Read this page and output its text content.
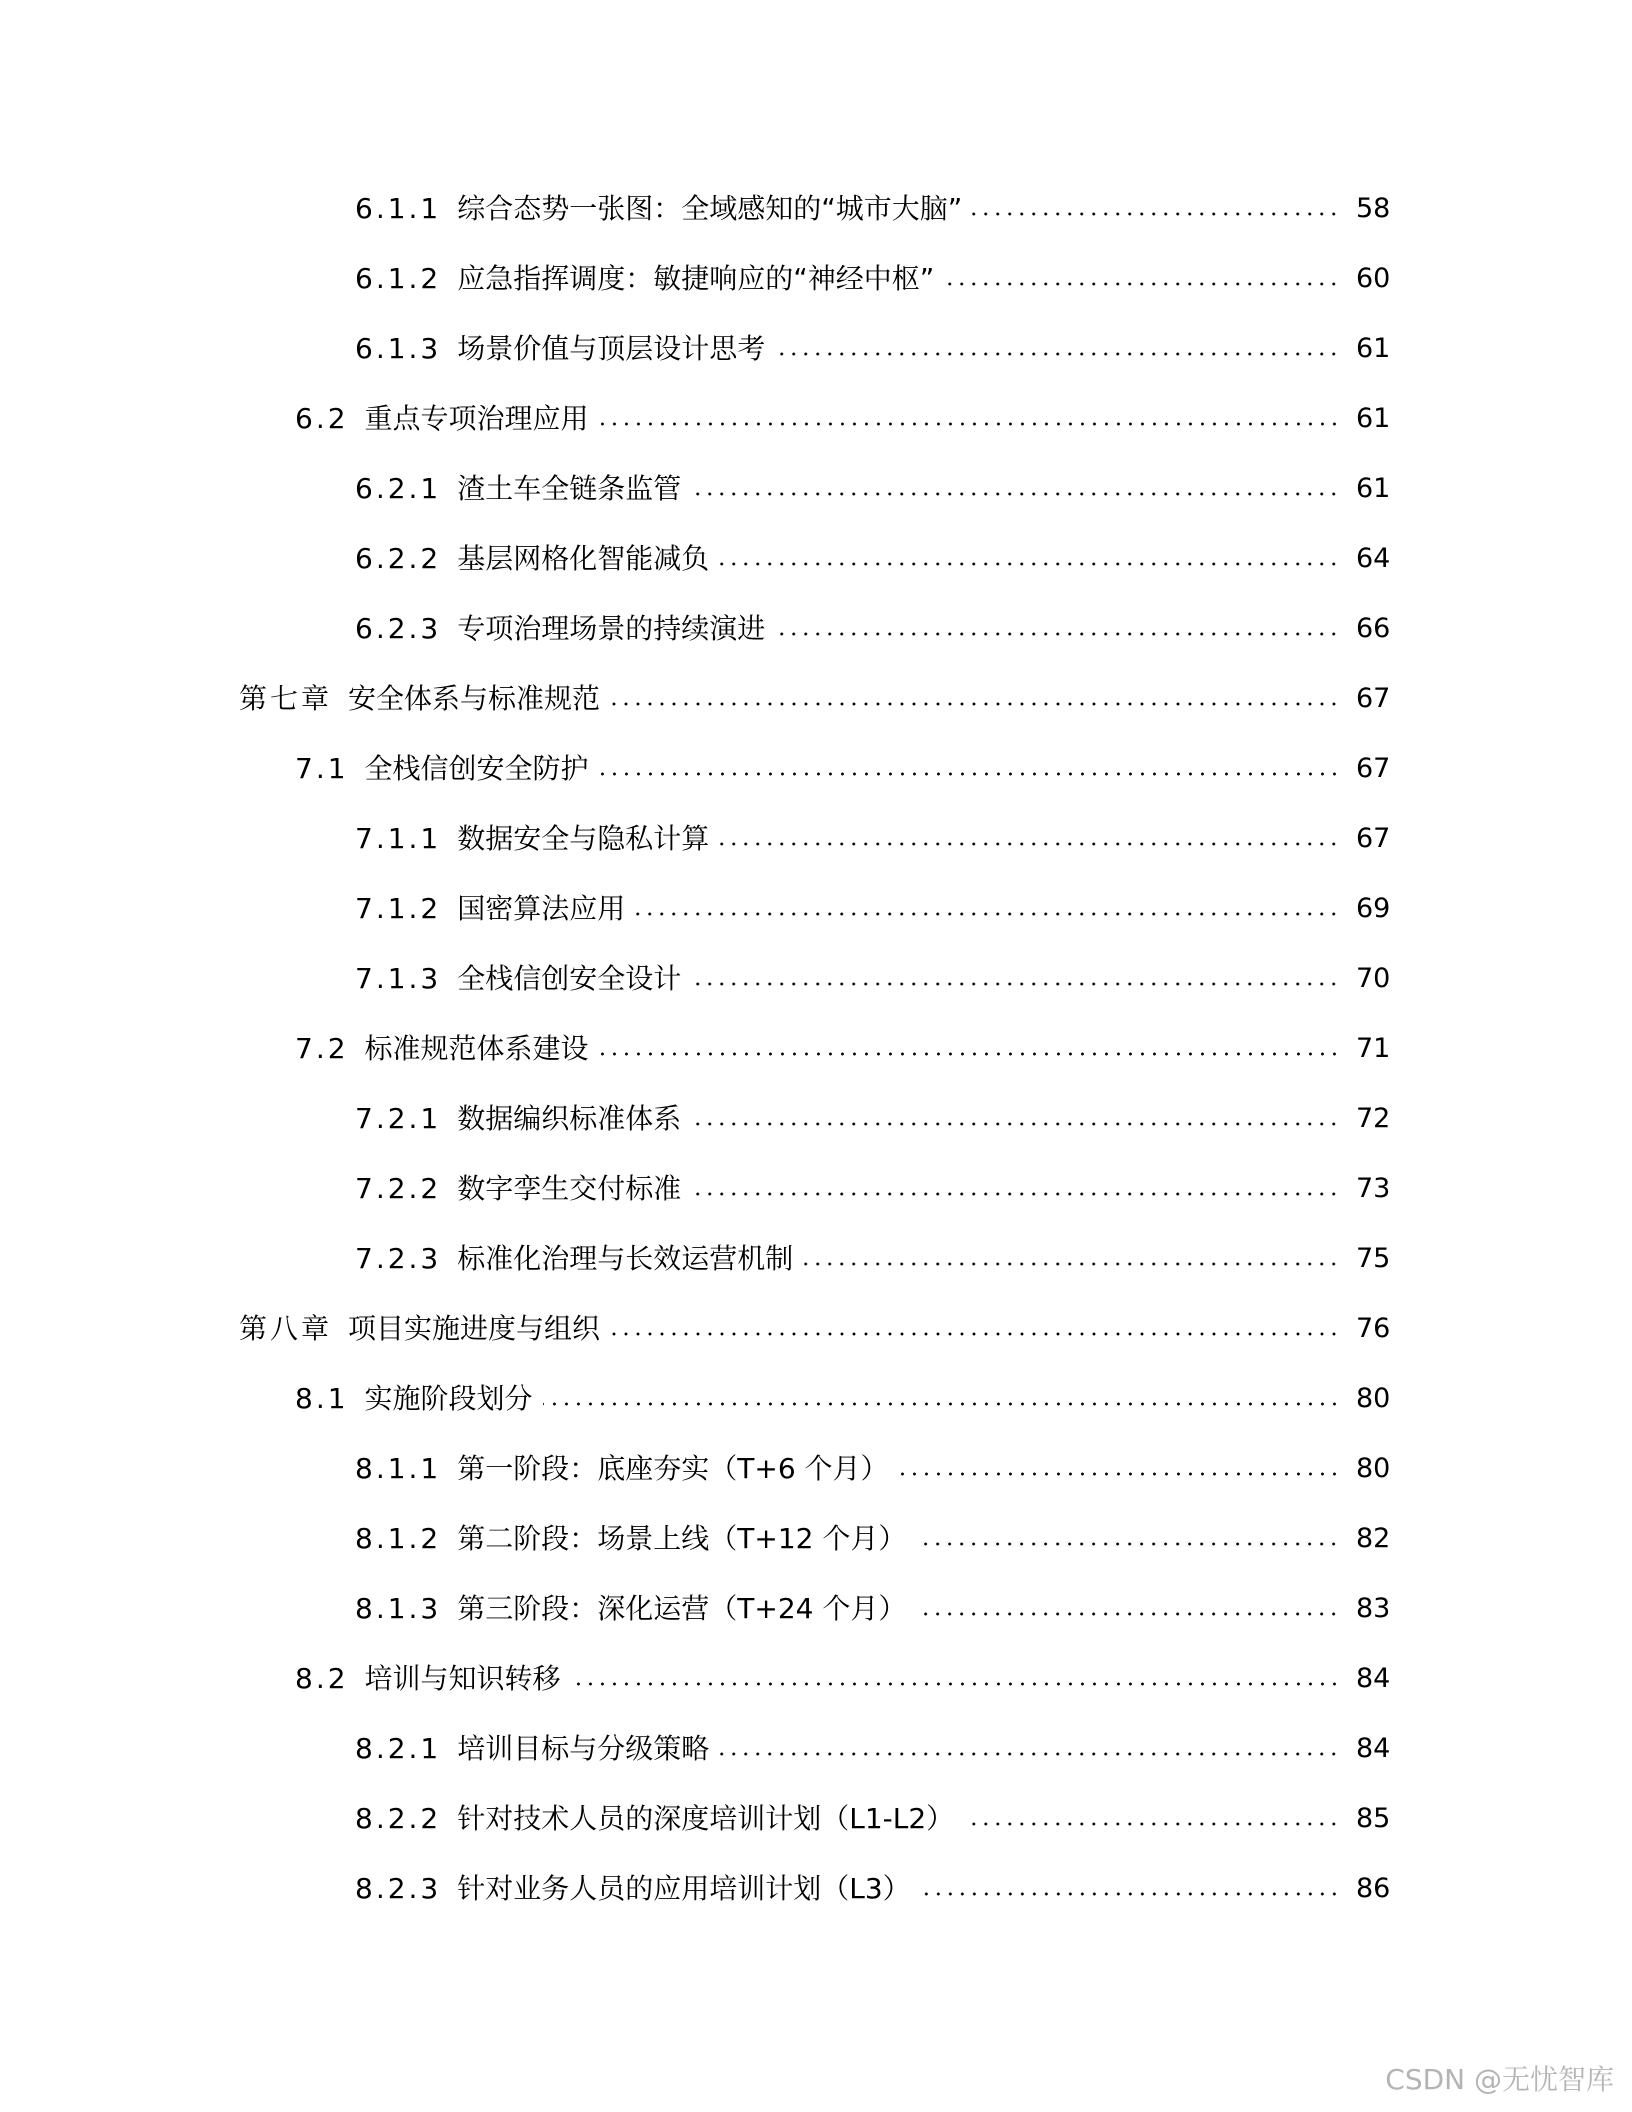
6.1.1 综合态势一张图：全域感知的“城市大脑”	58
6.1.2 应急指挥调度：敏捷响应的“神经中枢”	60
6.1.3 场景价值与顶层设计思考	61
6.2 重点专项治理应用	61
6.2.1 渣土车全链条监管	61
6.2.2 基层网格化智能减负	64
6.2.3 专项治理场景的持续演进	66
第七章 安全体系与标准规范	67
7.1 全栈信创安全防护	67
7.1.1 数据安全与隐私计算	67
7.1.2 国密算法应用	69
7.1.3 全栈信创安全设计	70
7.2 标准规范体系建设	71
7.2.1 数据编织标准体系	72
7.2.2 数字孪生交付标准	73
7.2.3 标准化治理与长效运营机制	75
第八章 项目实施进度与组织	76
8.1 实施阶段划分	80
8.1.1 第一阶段：底座夯实（T+6 个月）	80
8.1.2 第二阶段：场景上线（T+12 个月）	82
8.1.3 第三阶段：深化运营（T+24 个月）	83
8.2 培训与知识转移	84
8.2.1 培训目标与分级策略	84
8.2.2 针对技术人员的深度培训计划（L1-L2）	85
8.2.3 针对业务人员的应用培训计划（L3）	86
CSDN @无忧智库
